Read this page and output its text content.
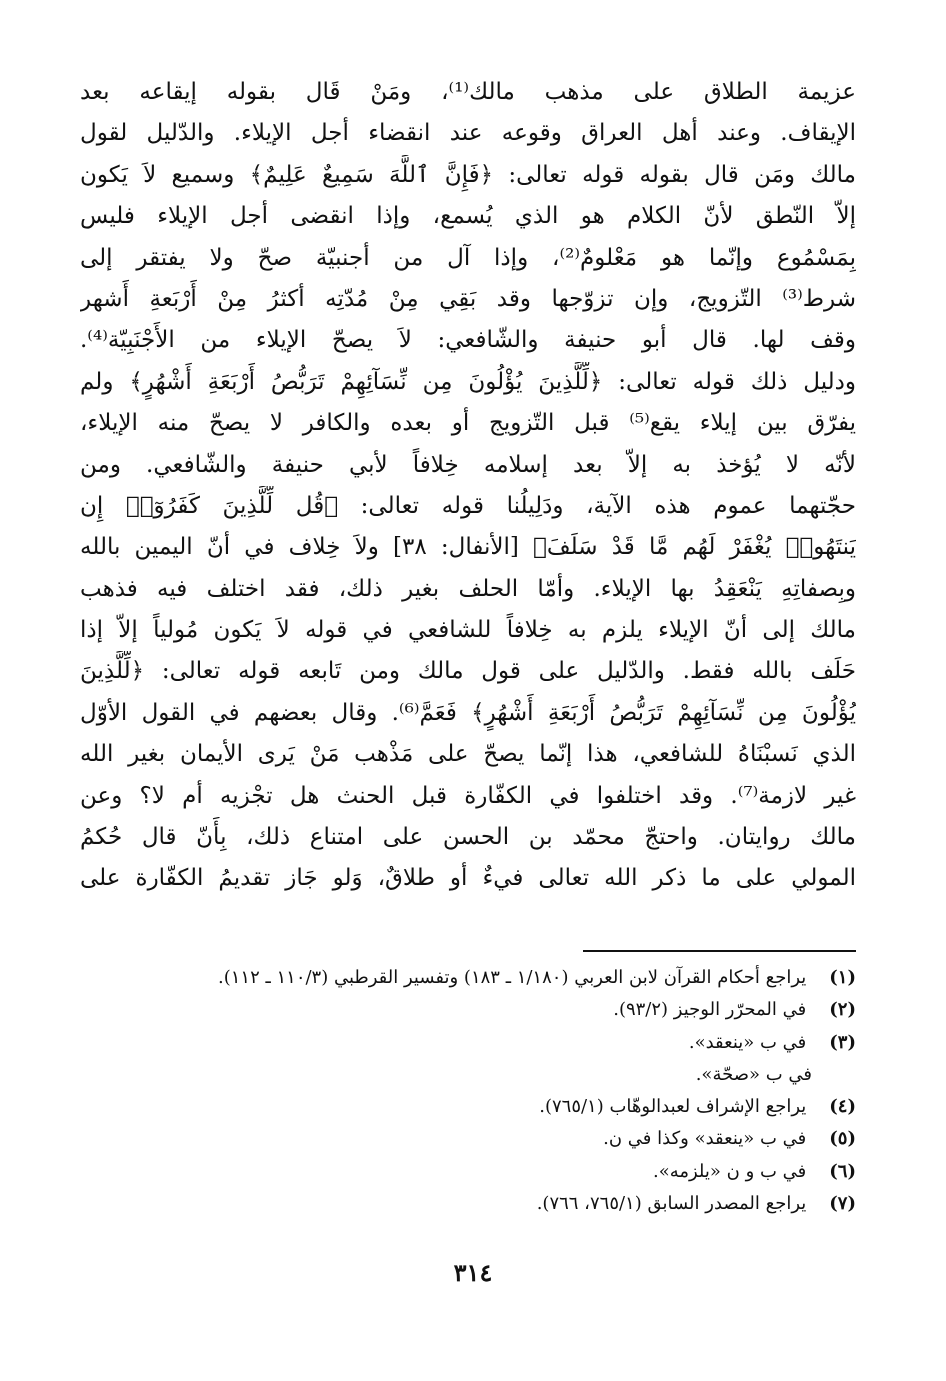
عزيمة الطلاق على مذهب مالك⁽¹⁾، ومَنْ قَال بقوله إيقاعه بعد
الإيقاف. وعند أهل العراق وقوعه عند انقضاء أجل الإيلاء. والدّليل لقول
مالك ومَن قال بقوله قوله تعالى: ﴿فَإِنَّ ٱللَّهَ سَمِيعٌ عَلِيمٌ﴾ وسميع لاَ يَكون
إلاّ النّطق لأنّ الكلام هو الذي يُسمع، وإذا انقضى أجل الإيلاء فليس
بِمَسْمُوع وإنّما هو مَعْلومٌ⁽²⁾، وإذا آل من أجنبيّة صحّ ولا يفتقر إلى
شرط⁽³⁾ التّزويج، وإن تزوّجها وقد بَقِي مِنْ مُدّتِه أكثرُ مِنْ أَرْبَعةِ أَشهر
وقف لها. قال أبو حنيفة والشّافعي: لاَ يصحّ الإيلاء من الأَجْنَبِيّة⁽⁴⁾.
ودليل ذلك قوله تعالى: ﴿لِّلَّذِينَ يُؤْلُونَ مِن نِّسَآئِهِمْ تَرَبُّصُ أَرْبَعَةِ أَشْهُرٍ﴾ ولم
يفرّق بين إيلاء يقع⁽⁵⁾ قبل التّزويج أو بعده والكافر لا يصحّ منه الإيلاء،
لأنّه لا يُؤخذ به إلاّ بعد إسلامه خِلافاً لأبي حنيفة والشّافعي. ومن
حجّتهما عموم هذه الآية، ودَلِيلُنا قوله تعالى: ﴿قُل لِّلَّذِينَ كَفَرُوٓا۟ إِن
يَنتَهُوا۟ يُغْفَرْ لَهُم مَّا قَدْ سَلَفَ﴾ [الأنفال: ٣٨] ولاَ خِلاف في أنّ اليمين بالله
وبِصفاتِهِ يَنْعَقِدُ بها الإيلاء. وأمّا الحلف بغير ذلك، فقد اختلف فيه فذهب
مالك إلى أنّ الإيلاء يلزم به خِلافاً للشافعي في قوله لاَ يَكون مُولياً إلاّ إذا
حَلَف بالله فقط. والدّليل على قول مالك ومن تَابعه قوله تعالى: ﴿لِّلَّذِينَ
يُؤْلُونَ مِن نِّسَآئِهِمْ تَرَبُّصُ أَرْبَعَةِ أَشْهُرٍ﴾ فَعَمَّ⁽⁶⁾. وقال بعضهم في القول الأوّل
الذي نَسبْنَاهُ للشافعي، هذا إنّما يصحّ على مَذْهب مَنْ يَرى الأيمان بغير الله
غير لازمة⁽⁷⁾. وقد اختلفوا في الكفّارة قبل الحنث هل تجْزيه أم لا؟ وعن
مالك روايتان. واحتجّ محمّد بن الحسن على امتناع ذلك، بِأَنّ قال حُكمُ
المولي على ما ذكر الله تعالى فيءٌ أو طلاقٌ، وَلو جَاز تقديمُ الكفّارة على
(١) يراجع أحكام القرآن لابن العربي (١/١٨٠ ـ ١٨٣) وتفسير القرطبي (١١٠/٣ ـ ١١٢).
(٢) في المحرّر الوجيز (٩٣/٢).
(٣) في ب «ينعقد».
في ب «صحّة».
(٤) يراجع الإشراف لعبدالوهّاب (٧٦٥/١).
(٥) في ب «ينعقد» وكذا في ن.
(٦) في ب و ن «يلزمه».
(٧) يراجع المصدر السابق (٧٦٥/١، ٧٦٦).
٣١٤
